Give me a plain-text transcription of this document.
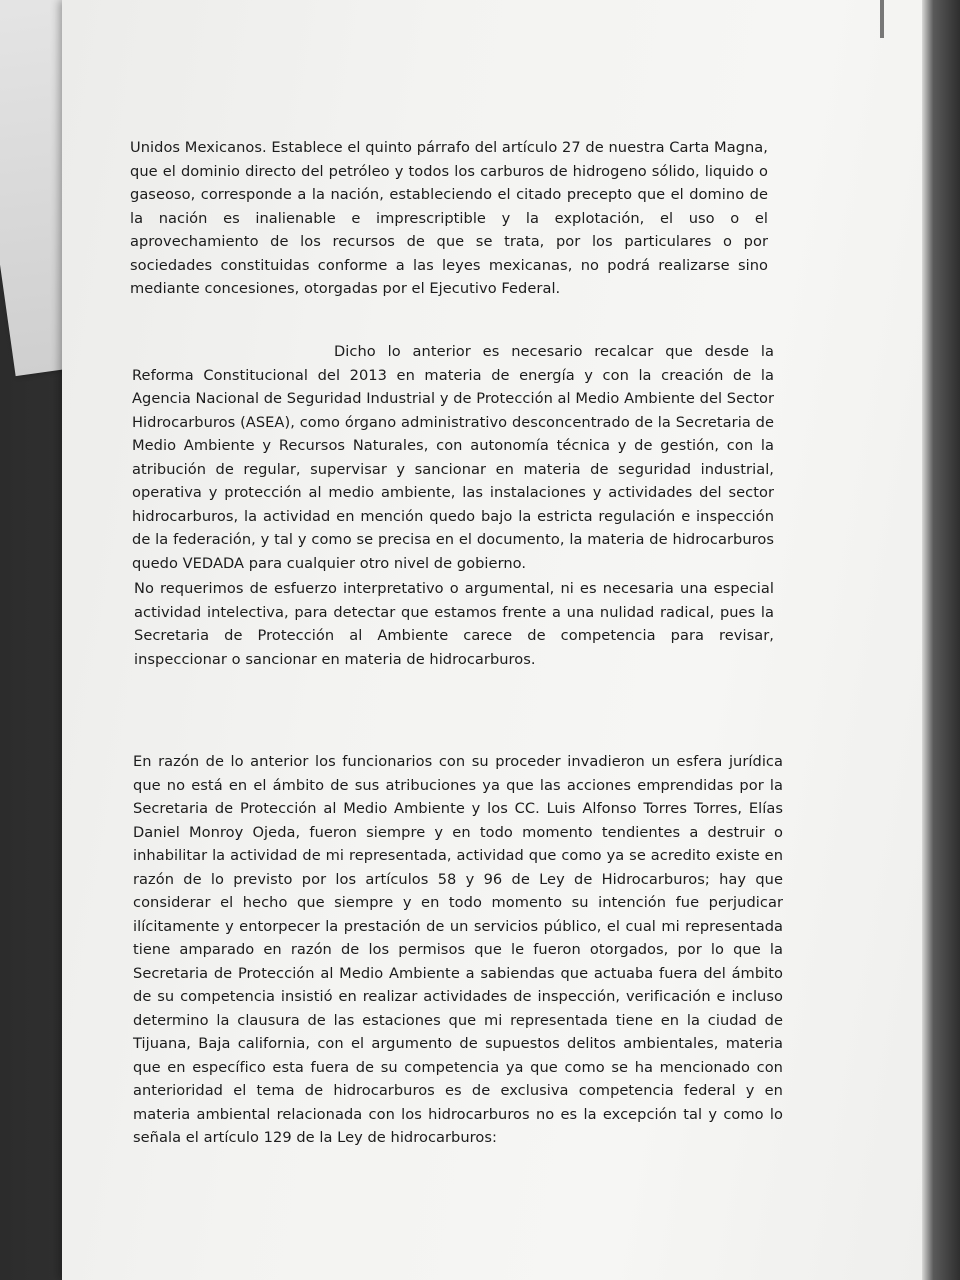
Unidos Mexicanos. Establece el quinto párrafo del artículo 27 de nuestra Carta Magna, que el dominio directo del petróleo y todos los carburos de hidrogeno sólido, liquido o gaseoso, corresponde a la nación, estableciendo el citado precepto que el domino de la nación es inalienable e imprescriptible y la explotación, el uso o el aprovechamiento de los recursos de que se trata, por los particulares o por sociedades constituidas conforme a las leyes mexicanas, no podrá realizarse sino mediante concesiones, otorgadas por el Ejecutivo Federal.

Dicho lo anterior es necesario recalcar que desde la Reforma Constitucional del 2013 en materia de energía y con la creación de la Agencia Nacional de Seguridad Industrial y de Protección al Medio Ambiente del Sector Hidrocarburos (ASEA), como órgano administrativo desconcentrado de la Secretaria de Medio Ambiente y Recursos Naturales, con autonomía técnica y de gestión, con la atribución de regular, supervisar y sancionar en materia de seguridad industrial, operativa y protección al medio ambiente, las instalaciones y actividades del sector hidrocarburos, la actividad en mención quedo bajo la estricta regulación e inspección de la federación, y tal y como se precisa en el documento, la materia de hidrocarburos quedo VEDADA para cualquier otro nivel de gobierno.

No requerimos de esfuerzo interpretativo o argumental, ni es necesaria una especial actividad intelectiva, para detectar que estamos frente a una nulidad radical, pues la Secretaria de Protección al Ambiente carece de competencia para revisar, inspeccionar o sancionar en materia de hidrocarburos.

En razón de lo anterior los funcionarios con su proceder invadieron un esfera jurídica que no está en el ámbito de sus atribuciones ya que las acciones emprendidas por la Secretaria de Protección al Medio Ambiente y los CC. Luis Alfonso Torres Torres, Elías Daniel Monroy Ojeda, fueron siempre y en todo momento tendientes a destruir o inhabilitar la actividad de mi representada, actividad que como ya se acredito existe en razón de lo previsto por los artículos 58 y 96 de Ley de Hidrocarburos; hay que considerar el hecho que siempre y en todo momento su intención fue perjudicar ilícitamente y entorpecer la prestación de un servicios público, el cual mi representada tiene amparado en razón de los permisos que le fueron otorgados, por lo que la Secretaria de Protección al Medio Ambiente a sabiendas que actuaba fuera del ámbito de su competencia insistió en realizar actividades de inspección, verificación e incluso determino la clausura de las estaciones que mi representada tiene en la ciudad de Tijuana, Baja california, con el argumento de supuestos delitos ambientales, materia que en específico esta fuera de su competencia ya que como se ha mencionado con anterioridad el tema de hidrocarburos es de exclusiva competencia federal y en materia ambiental relacionada con los hidrocarburos no es la excepción tal y como lo señala el artículo 129 de la Ley de hidrocarburos:
